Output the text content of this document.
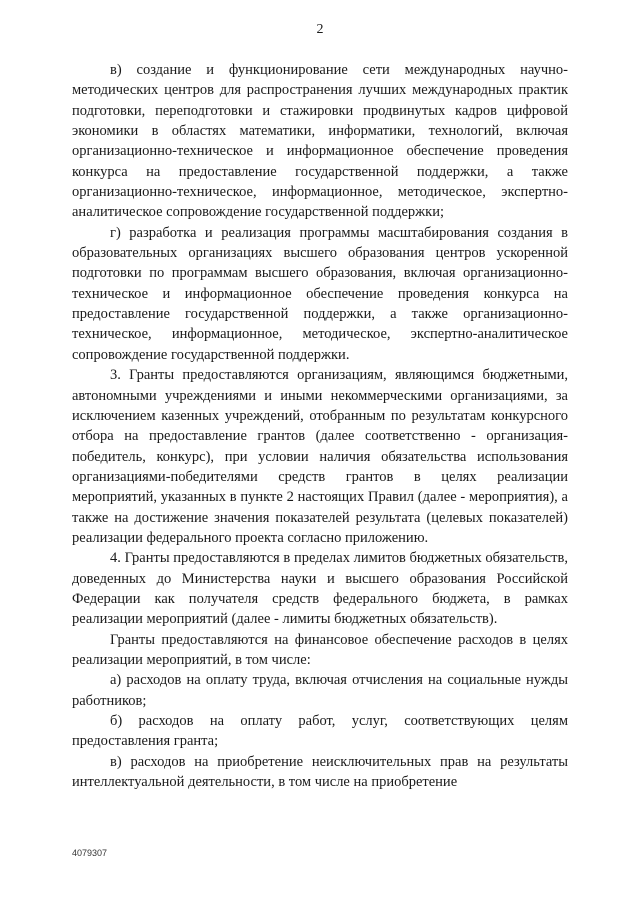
2

в) создание и функционирование сети международных научно-методических центров для распространения лучших международных практик подготовки, переподготовки и стажировки продвинутых кадров цифровой экономики в областях математики, информатики, технологий, включая организационно-техническое и информационное обеспечение проведения конкурса на предоставление государственной поддержки, а также организационно-техническое, информационное, методическое, экспертно-аналитическое сопровождение государственной поддержки;

г) разработка и реализация программы масштабирования создания в образовательных организациях высшего образования центров ускоренной подготовки по программам высшего образования, включая организационно-техническое и информационное обеспечение проведения конкурса на предоставление государственной поддержки, а также организационно-техническое, информационное, методическое, экспертно-аналитическое сопровождение государственной поддержки.

3. Гранты предоставляются организациям, являющимся бюджетными, автономными учреждениями и иными некоммерческими организациями, за исключением казенных учреждений, отобранным по результатам конкурсного отбора на предоставление грантов (далее соответственно - организация-победитель, конкурс), при условии наличия обязательства использования организациями-победителями средств грантов в целях реализации мероприятий, указанных в пункте 2 настоящих Правил (далее - мероприятия), а также на достижение значения показателей результата (целевых показателей) реализации федерального проекта согласно приложению.

4. Гранты предоставляются в пределах лимитов бюджетных обязательств, доведенных до Министерства науки и высшего образования Российской Федерации как получателя средств федерального бюджета, в рамках реализации мероприятий (далее - лимиты бюджетных обязательств).

Гранты предоставляются на финансовое обеспечение расходов в целях реализации мероприятий, в том числе:

а) расходов на оплату труда, включая отчисления на социальные нужды работников;

б) расходов на оплату работ, услуг, соответствующих целям предоставления гранта;

в) расходов на приобретение неисключительных прав на результаты интеллектуальной деятельности, в том числе на приобретение

4079307
